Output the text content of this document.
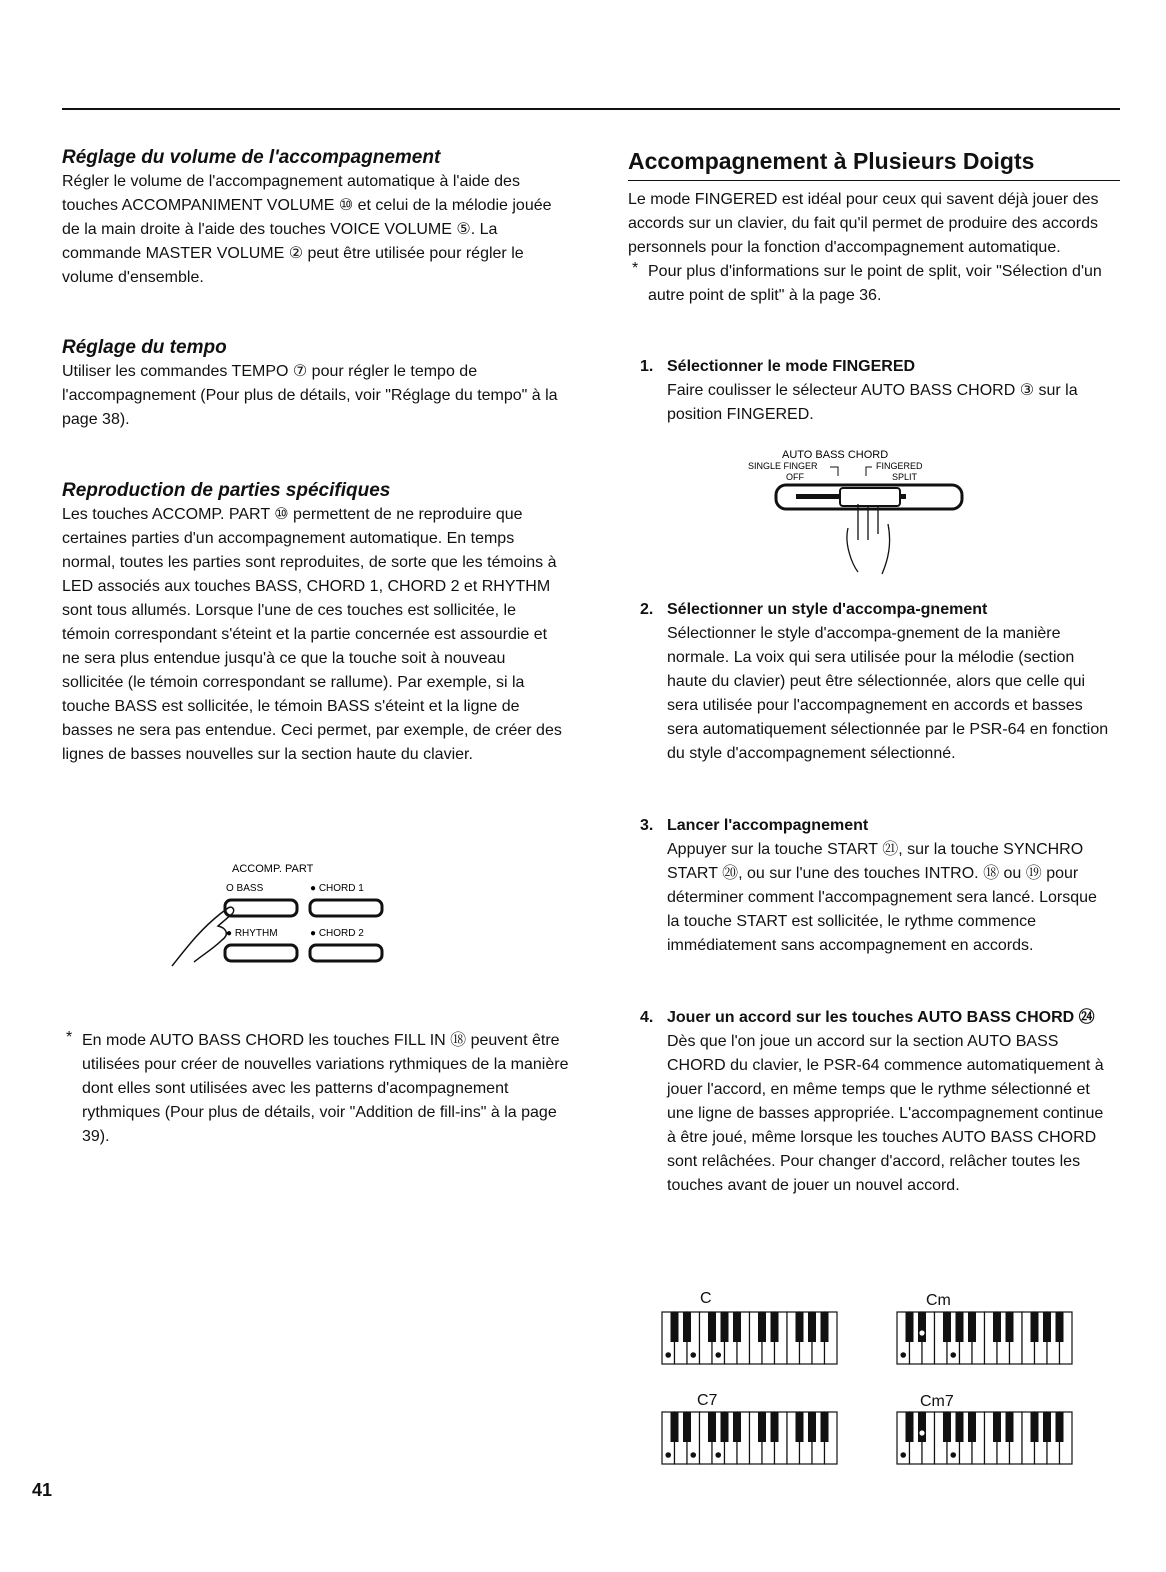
Réglage du volume de l'accompagnement

Régler le volume de l'accompagnement automatique à l'aide des touches ACCOMPANIMENT VOLUME ⑩ et celui de la mélodie jouée de la main droite à l'aide des touches VOICE VOLUME ⑤. La commande MASTER VOLUME ② peut être utilisée pour régler le volume d'ensemble.

Réglage du tempo

Utiliser les commandes TEMPO ⑦ pour régler le tempo de l'accompagnement (Pour plus de détails, voir "Réglage du tempo" à la page 38).

Reproduction de parties spécifiques

Les touches ACCOMP. PART ⑩ permettent de ne reproduire que certaines parties d'un accompagnement automatique. En temps normal, toutes les parties sont reproduites, de sorte que les témoins à LED associés aux touches BASS, CHORD 1, CHORD 2 et RHYTHM sont tous allumés. Lorsque l'une de ces touches est sollicitée, le témoin correspondant s'éteint et la partie concernée est assourdie et ne sera plus entendue jusqu'à ce que la touche soit à nouveau sollicitée (le témoin correspondant se rallume). Par exemple, si la touche BASS est sollicitée, le témoin BASS s'éteint et la ligne de basses ne sera pas entendue. Ceci permet, par exemple, de créer des lignes de basses nouvelles sur la section haute du clavier.

ACCOMP. PART
O BASS	● CHORD 1
● RHYTHM	● CHORD 2
* En mode AUTO BASS CHORD les touches FILL IN ⑱ peuvent être utilisées pour créer de nouvelles variations rythmiques de la manière dont elles sont utilisées avec les patterns d'acompagnement rythmiques (Pour plus de détails, voir "Addition de fill-ins" à la page 39).

Accompagnement à Plusieurs Doigts

Le mode FINGERED est idéal pour ceux qui savent déjà jouer des accords sur un clavier, du fait qu'il permet de produire des accords personnels pour la fonction d'accompagnement automatique.

* Pour plus d'informations sur le point de split, voir "Sélection d'un autre point de split" à la page 36.

1. Sélectionner le mode FINGERED
Faire coulisser le sélecteur AUTO BASS CHORD ③ sur la position FINGERED.
AUTO BASS CHORD
SINGLE FINGER
OFF
FINGERED
SPLIT
2. Sélectionner un style d'accompa-gnement
Sélectionner le style d'accompa-gnement de la manière normale. La voix qui sera utilisée pour la mélodie (section haute du clavier) peut être sélectionnée, alors que celle qui sera utilisée pour l'accompagnement en accords et basses sera automatiquement sélectionnée par le PSR-64 en fonction du style d'accompagnement sélectionné.
3. Lancer l'accompagnement
Appuyer sur la touche START ㉑, sur la touche SYNCHRO START ⑳, ou sur l'une des touches INTRO. ⑱ ou ⑲ pour déterminer comment l'accompagnement sera lancé. Lorsque la touche START est sollicitée, le rythme commence immédiatement sans accompagnement en accords.
4. Jouer un accord sur les touches AUTO BASS CHORD ㉔
Dès que l'on joue un accord sur la section AUTO BASS CHORD du clavier, le PSR-64 commence automatiquement à jouer l'accord, en même temps que le rythme sélectionné et une ligne de basses appropriée. L'accompagnement continue à être joué, même lorsque les touches AUTO BASS CHORD sont relâchées. Pour changer d'accord, relâcher toutes les touches avant de jouer un nouvel accord.
C	Cm
C7	Cm7
41
